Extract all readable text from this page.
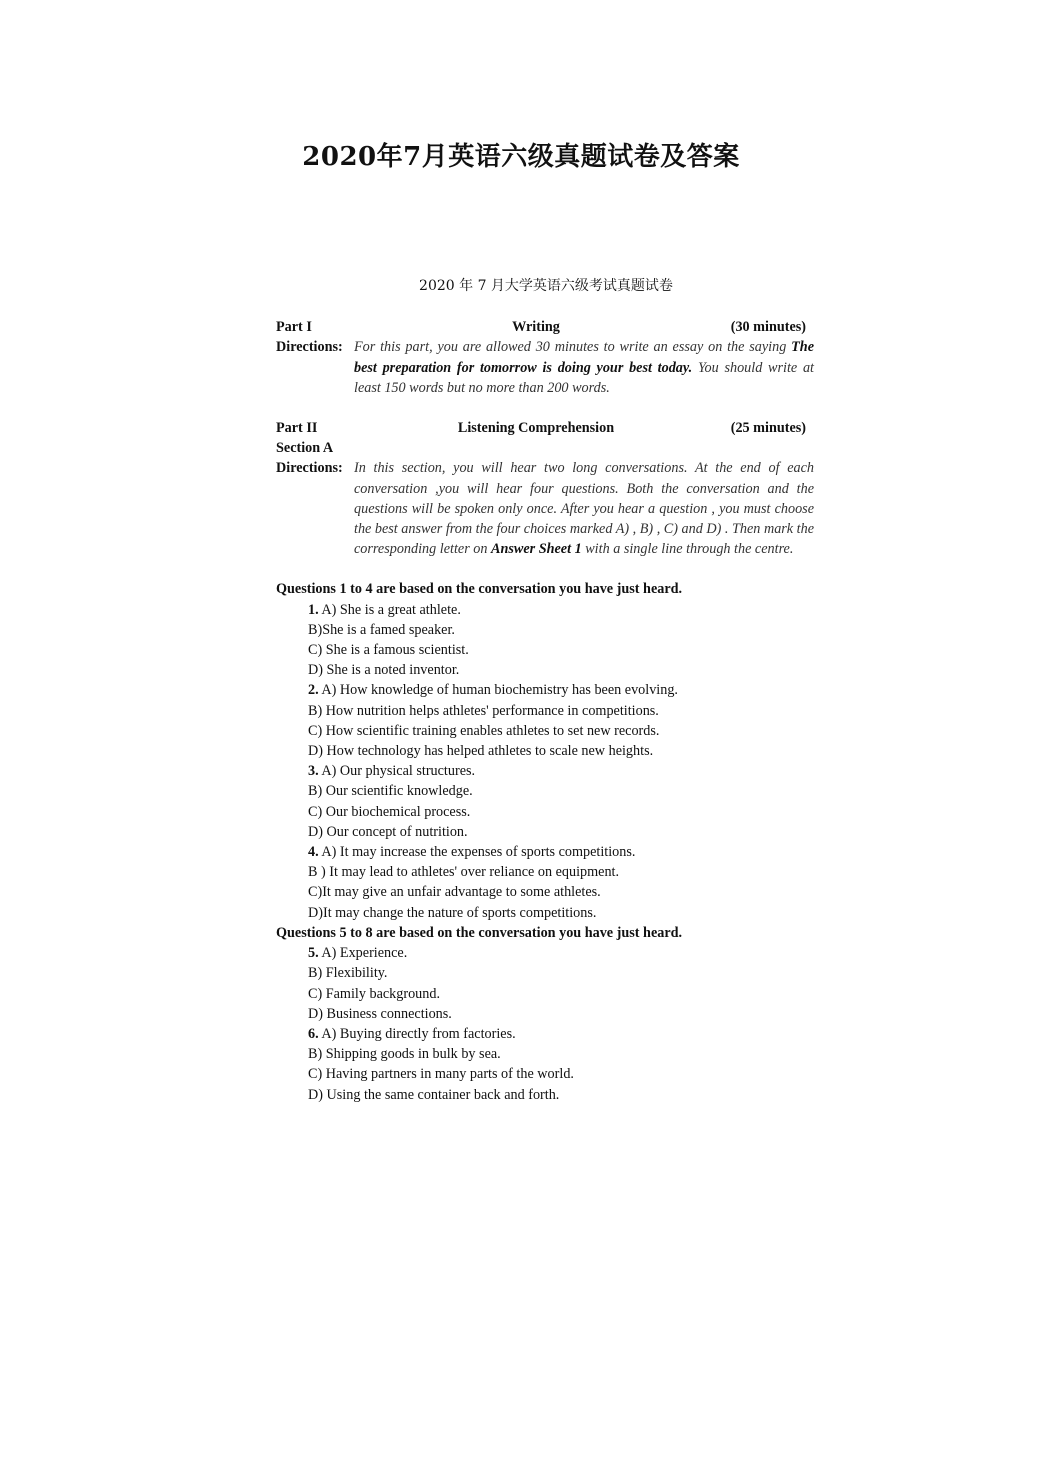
2020年7月英语六级真题试卷及答案
2020 年 7 月大学英语六级考试真题试卷
Part I	Writing	(30 minutes)
Directions: For this part, you are allowed 30 minutes to write an essay on the saying The best preparation for tomorrow is doing your best today. You should write at least 150 words but no more than 200 words.
Part II	Listening Comprehension	(25 minutes)
Section A
Directions: In this section, you will hear two long conversations. At the end of each conversation ,you will hear four questions. Both the conversation and the questions will be spoken only once. After you hear a question , you must choose the best answer from the four choices marked A) , B) , C) and D) . Then mark the corresponding letter on Answer Sheet 1 with a single line through the centre.
Questions 1 to 4 are based on the conversation you have just heard.
1. A) She is a great athlete.
B)She is a famed speaker.
C) She is a famous scientist.
D) She is a noted inventor.
2. A) How knowledge of human biochemistry has been evolving.
B) How nutrition helps athletes' performance in competitions.
C) How scientific training enables athletes to set new records.
D) How technology has helped athletes to scale new heights.
3. A) Our physical structures.
B) Our scientific knowledge.
C) Our biochemical process.
D) Our concept of nutrition.
4. A) It may increase the expenses of sports competitions.
B ) It may lead to athletes' over reliance on equipment.
C)It may give an unfair advantage to some athletes.
D)It may change the nature of sports competitions.
Questions 5 to 8 are based on the conversation you have just heard.
5. A) Experience.
B) Flexibility.
C) Family background.
D) Business connections.
6. A) Buying directly from factories.
B) Shipping goods in bulk by sea.
C) Having partners in many parts of the world.
D) Using the same container back and forth.
